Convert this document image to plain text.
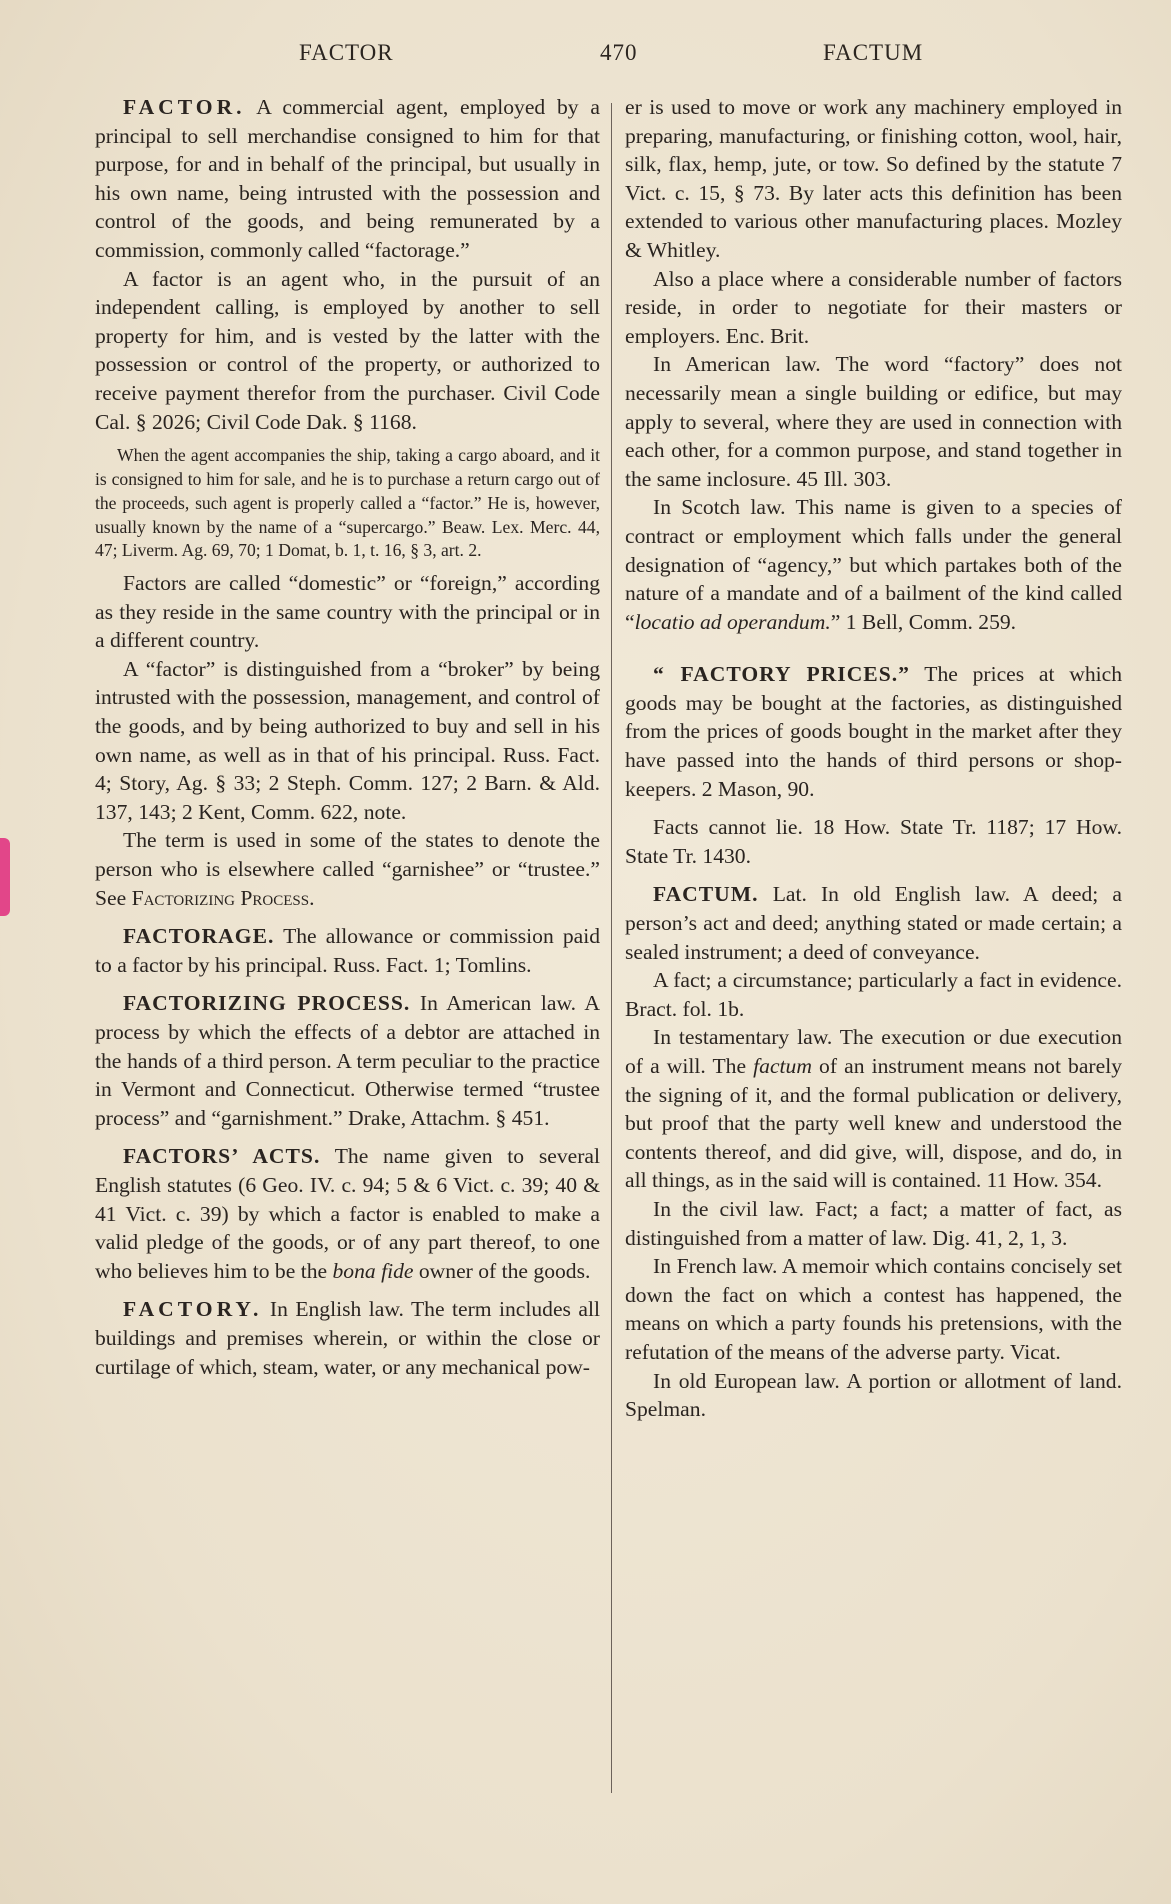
FACTOR	470	FACTUM

FACTOR. A commercial agent, employed by a principal to sell merchandise consigned to him for that purpose, for and in behalf of the principal, but usually in his own name, being intrusted with the possession and control of the goods, and being remunerated by a commission, commonly called “factorage.”

A factor is an agent who, in the pursuit of an independent calling, is employed by another to sell property for him, and is vested by the latter with the possession or control of the property, or authorized to receive payment therefor from the purchaser. Civil Code Cal. § 2026; Civil Code Dak. § 1168.

When the agent accompanies the ship, taking a cargo aboard, and it is consigned to him for sale, and he is to purchase a return cargo out of the proceeds, such agent is properly called a “factor.” He is, however, usually known by the name of a “supercargo.” Beaw. Lex. Merc. 44, 47; Liverm. Ag. 69, 70; 1 Domat, b. 1, t. 16, § 3, art. 2.

Factors are called “domestic” or “foreign,” according as they reside in the same country with the principal or in a different country.

A “factor” is distinguished from a “broker” by being intrusted with the possession, management, and control of the goods, and by being authorized to buy and sell in his own name, as well as in that of his principal. Russ. Fact. 4; Story, Ag. § 33; 2 Steph. Comm. 127; 2 Barn. & Ald. 137, 143; 2 Kent, Comm. 622, note.

The term is used in some of the states to denote the person who is elsewhere called “garnishee” or “trustee.” See Factorizing Process.

FACTORAGE. The allowance or commission paid to a factor by his principal. Russ. Fact. 1; Tomlins.

FACTORIZING PROCESS. In American law. A process by which the effects of a debtor are attached in the hands of a third person. A term peculiar to the practice in Vermont and Connecticut. Otherwise termed “trustee process” and “garnishment.” Drake, Attachm. § 451.

FACTORS’ ACTS. The name given to several English statutes (6 Geo. IV. c. 94; 5 & 6 Vict. c. 39; 40 & 41 Vict. c. 39) by which a factor is enabled to make a valid pledge of the goods, or of any part thereof, to one who believes him to be the bona fide owner of the goods.

FACTORY. In English law. The term includes all buildings and premises wherein, or within the close or curtilage of which, steam, water, or any mechanical pow-

er is used to move or work any machinery employed in preparing, manufacturing, or finishing cotton, wool, hair, silk, flax, hemp, jute, or tow. So defined by the statute 7 Vict. c. 15, § 73. By later acts this definition has been extended to various other manufacturing places. Mozley & Whitley.

Also a place where a considerable number of factors reside, in order to negotiate for their masters or employers. Enc. Brit.

In American law. The word “factory” does not necessarily mean a single building or edifice, but may apply to several, where they are used in connection with each other, for a common purpose, and stand together in the same inclosure. 45 Ill. 303.

In Scotch law. This name is given to a species of contract or employment which falls under the general designation of “agency,” but which partakes both of the nature of a mandate and of a bailment of the kind called “locatio ad operandum.” 1 Bell, Comm. 259.

“ FACTORY PRICES.” The prices at which goods may be bought at the factories, as distinguished from the prices of goods bought in the market after they have passed into the hands of third persons or shop-keepers. 2 Mason, 90.

Facts cannot lie. 18 How. State Tr. 1187; 17 How. State Tr. 1430.

FACTUM. Lat. In old English law. A deed; a person’s act and deed; anything stated or made certain; a sealed instrument; a deed of conveyance.

A fact; a circumstance; particularly a fact in evidence. Bract. fol. 1b.

In testamentary law. The execution or due execution of a will. The factum of an instrument means not barely the signing of it, and the formal publication or delivery, but proof that the party well knew and understood the contents thereof, and did give, will, dispose, and do, in all things, as in the said will is contained. 11 How. 354.

In the civil law. Fact; a fact; a matter of fact, as distinguished from a matter of law. Dig. 41, 2, 1, 3.

In French law. A memoir which contains concisely set down the fact on which a contest has happened, the means on which a party founds his pretensions, with the refutation of the means of the adverse party. Vicat.

In old European law. A portion or allotment of land. Spelman.
